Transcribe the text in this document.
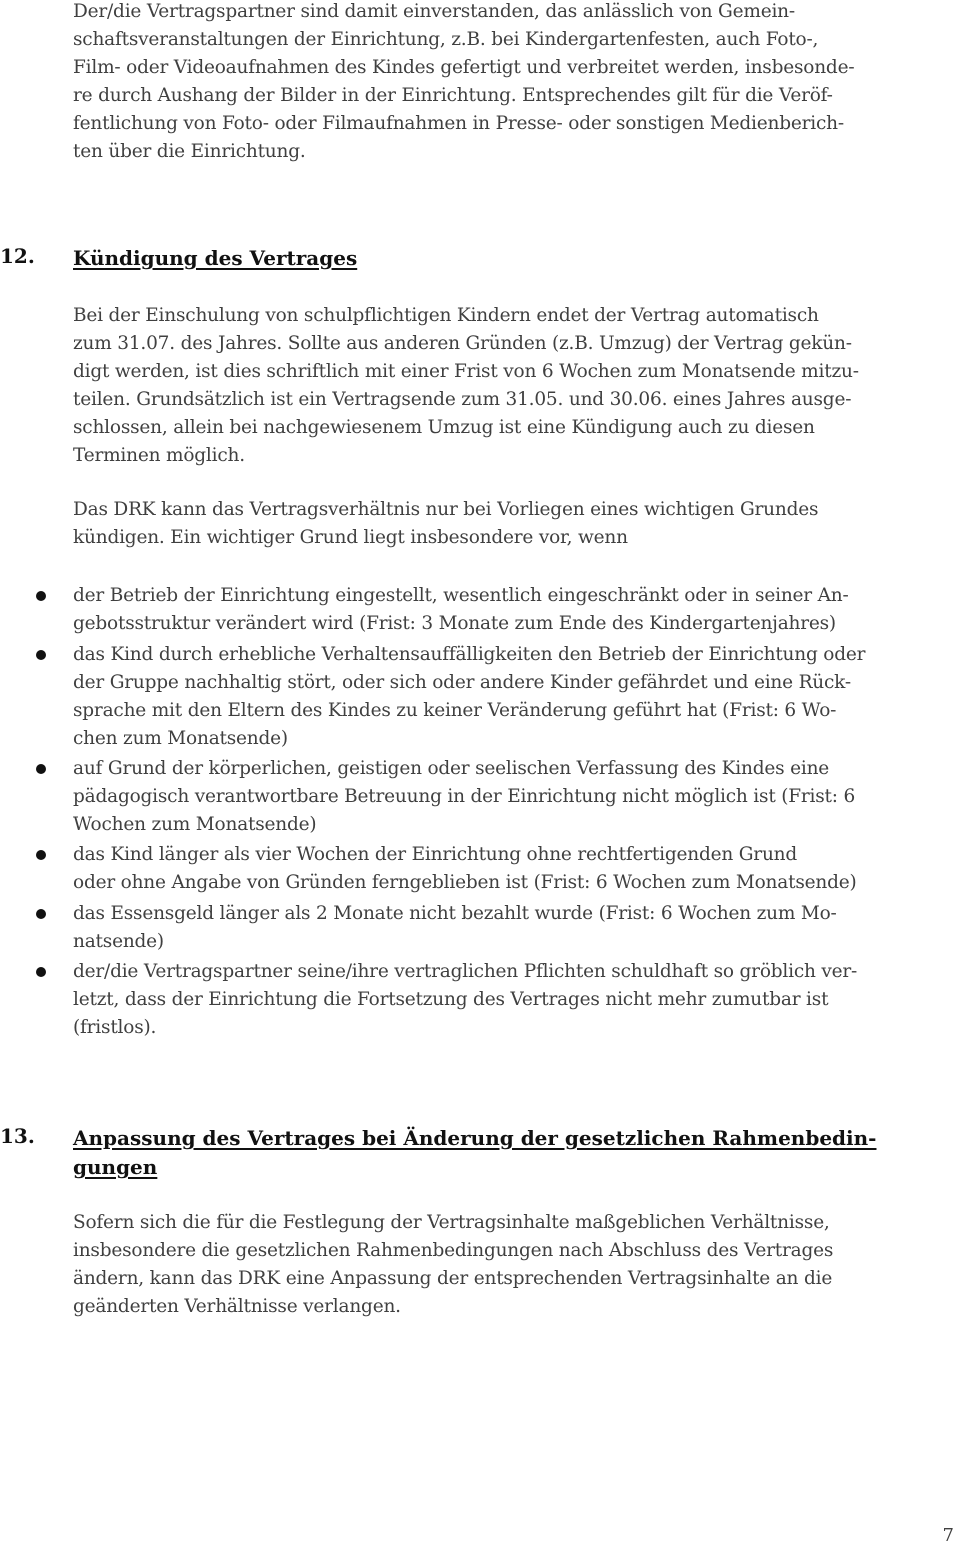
Der/die Vertragspartner sind damit einverstanden, das anlässlich von Gemein-
schaftsveranstaltungen der Einrichtung, z.B. bei Kindergartenfesten, auch Foto-,
Film- oder Videoaufnahmen des Kindes gefertigt und verbreitet werden, insbesonde-
re durch Aushang der Bilder in der Einrichtung. Entsprechendes gilt für die Veröf-
fentlichung von Foto- oder Filmaufnahmen in Presse- oder sonstigen Medienberich-
ten über die Einrichtung.
12. Kündigung des Vertrages
Bei der Einschulung von schulpflichtigen Kindern endet der Vertrag automatisch
zum 31.07. des Jahres. Sollte aus anderen Gründen (z.B. Umzug) der Vertrag gekün-
digt werden, ist dies schriftlich mit einer Frist von 6 Wochen zum Monatsende mitzu-
teilen. Grundsätzlich ist ein Vertragsende zum 31.05. und 30.06. eines Jahres ausge-
schlossen, allein bei nachgewiesenem Umzug ist eine Kündigung auch zu diesen
Terminen möglich.
Das DRK kann das Vertragsverhältnis nur bei Vorliegen eines wichtigen Grundes
kündigen. Ein wichtiger Grund liegt insbesondere vor, wenn
der Betrieb der Einrichtung eingestellt, wesentlich eingeschränkt oder in seiner An-
gebotsstruktur verändert wird (Frist: 3 Monate zum Ende des Kindergartenjahres)
das Kind durch erhebliche Verhaltensauffälligkeiten den Betrieb der Einrichtung oder
der Gruppe nachhaltig stört, oder sich oder andere Kinder gefährdet und eine Rück-
sprache mit den Eltern des Kindes zu keiner Veränderung geführt hat (Frist: 6 Wo-
chen zum Monatsende)
auf Grund der körperlichen, geistigen oder seelischen Verfassung des Kindes eine
pädagogisch verantwortbare Betreuung in der Einrichtung nicht möglich ist (Frist: 6
Wochen zum Monatsende)
das Kind länger als vier Wochen der Einrichtung ohne rechtfertigenden Grund
oder ohne Angabe von Gründen ferngeblieben ist (Frist: 6 Wochen zum Monatsende)
das Essensgeld länger als 2 Monate nicht bezahlt wurde (Frist: 6 Wochen zum Mo-
natsende)
der/die Vertragspartner seine/ihre vertraglichen Pflichten schuldhaft so gröblich ver-
letzt, dass der Einrichtung die Fortsetzung des Vertrages nicht mehr zumutbar ist
(fristlos).
13. Anpassung des Vertrages bei Änderung der gesetzlichen Rahmenbedin-
gungen
Sofern sich die für die Festlegung der Vertragsinhalte maßgeblichen Verhältnisse,
insbesondere die gesetzlichen Rahmenbedingungen nach Abschluss des Vertrages
ändern, kann das DRK eine Anpassung der entsprechenden Vertragsinhalte an die
geänderten Verhältnisse verlangen.
7
